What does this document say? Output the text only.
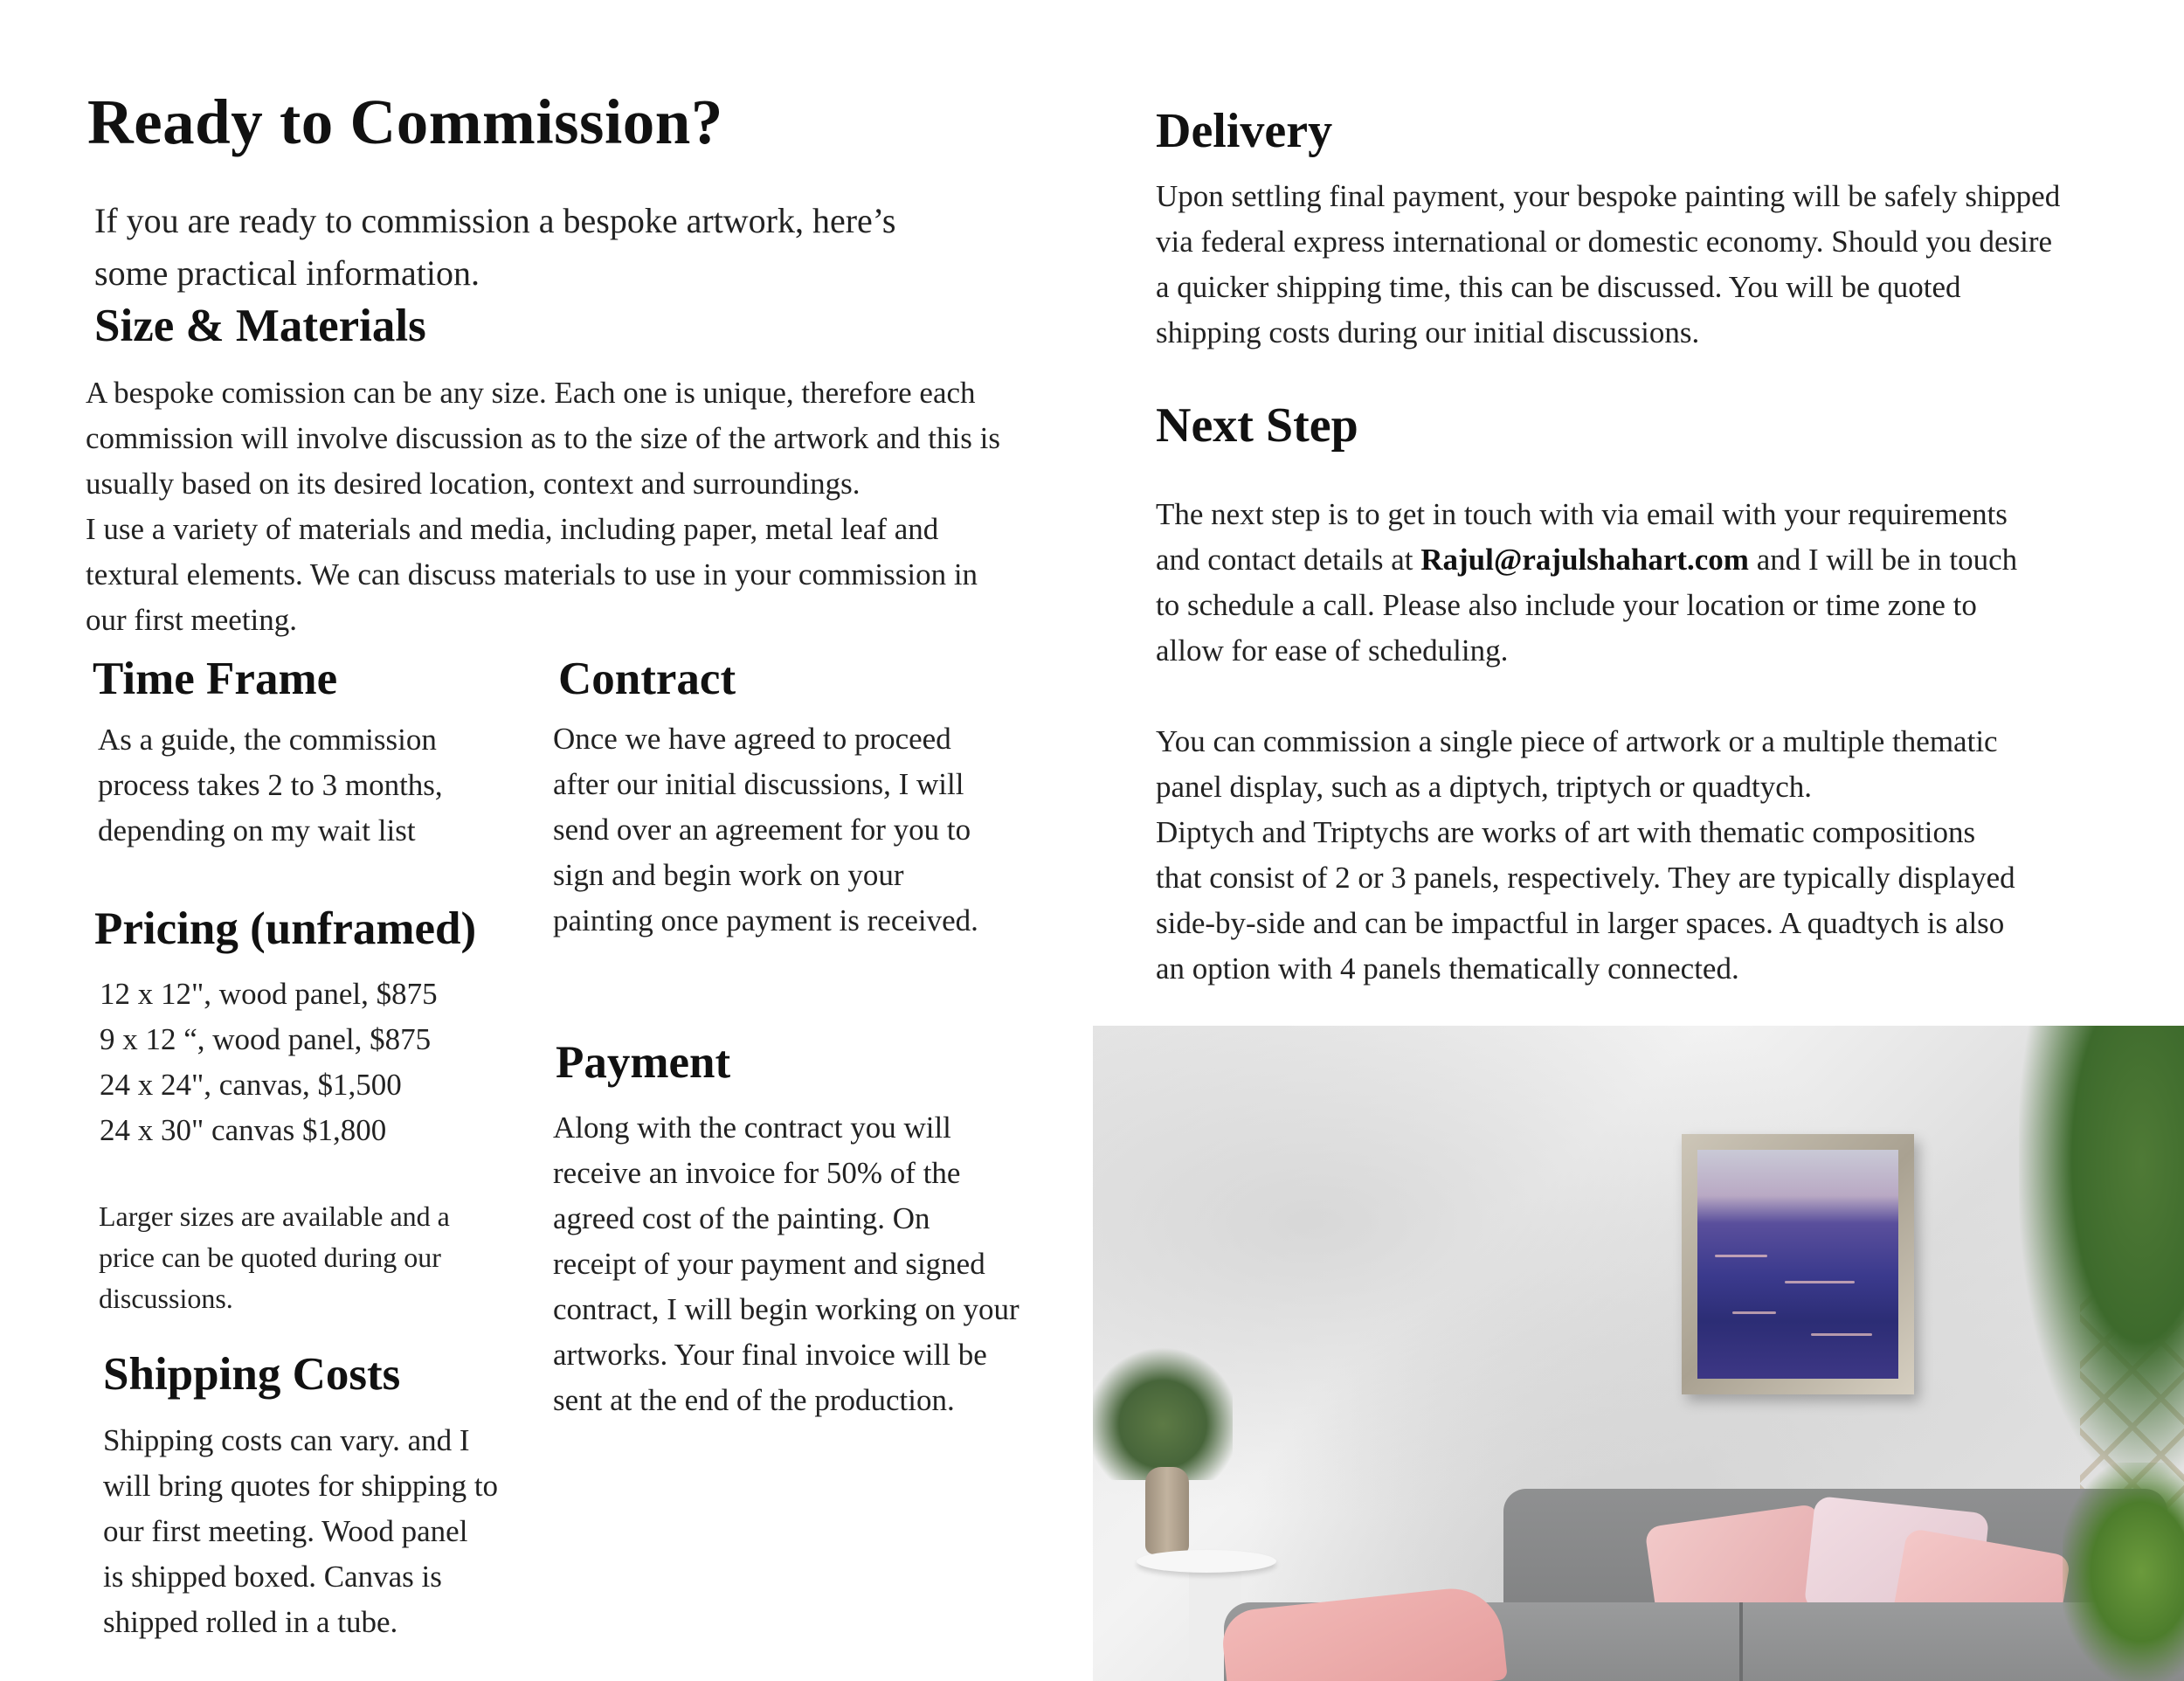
Ready to Commission?
If you are ready to commission a bespoke artwork, here’s
some practical information.
Size & Materials
A bespoke comission can be any size. Each one is unique, therefore each
commission will involve discussion as to the size of the artwork and this is
usually based on its desired location, context and surroundings.
I use a variety of materials and media, including paper, metal leaf and
textural elements. We can discuss materials to use in your commission in
our first meeting.
Time Frame
As a guide, the commission
process takes 2 to 3 months,
depending on my wait list
Contract
Once we have agreed to proceed
after our initial discussions, I will
send over an agreement for you to
sign and begin work on your
painting once payment is received.
Pricing (unframed)
12 x 12", wood panel, $875
9 x 12 “, wood panel, $875
24 x 24", canvas, $1,500
24 x 30" canvas $1,800
Larger sizes are available and a
price can be quoted during our
discussions.
Payment
Along with the contract you will
receive an invoice for 50% of the
agreed cost of the painting. On
receipt of your payment and signed
contract, I will begin working on your
artworks. Your final invoice will be
sent at the end of the production.
Shipping Costs
Shipping costs can vary. and I
will bring quotes for shipping to
our first meeting. Wood panel
is shipped boxed. Canvas is
shipped rolled in a tube.
Delivery
Upon settling final payment, your bespoke painting will be safely shipped
via federal express international or domestic economy. Should you desire
a quicker shipping time, this can be discussed. You will be quoted
shipping costs during our initial discussions.
Next Step
The next step is to get in touch with via email with your requirements
and contact details at Rajul@rajulshahart.com and I will be in touch
to schedule a call. Please also include your location or time zone to
allow for ease of scheduling.
You can commission a single piece of artwork or a multiple thematic
panel display, such as a diptych, triptych or quadtych.
Diptych and Triptychs are works of art with thematic compositions
that consist of 2 or 3 panels, respectively. They are typically displayed
side-by-side and can be impactful in larger spaces. A quadtych is also
an option with 4 panels thematically connected.
